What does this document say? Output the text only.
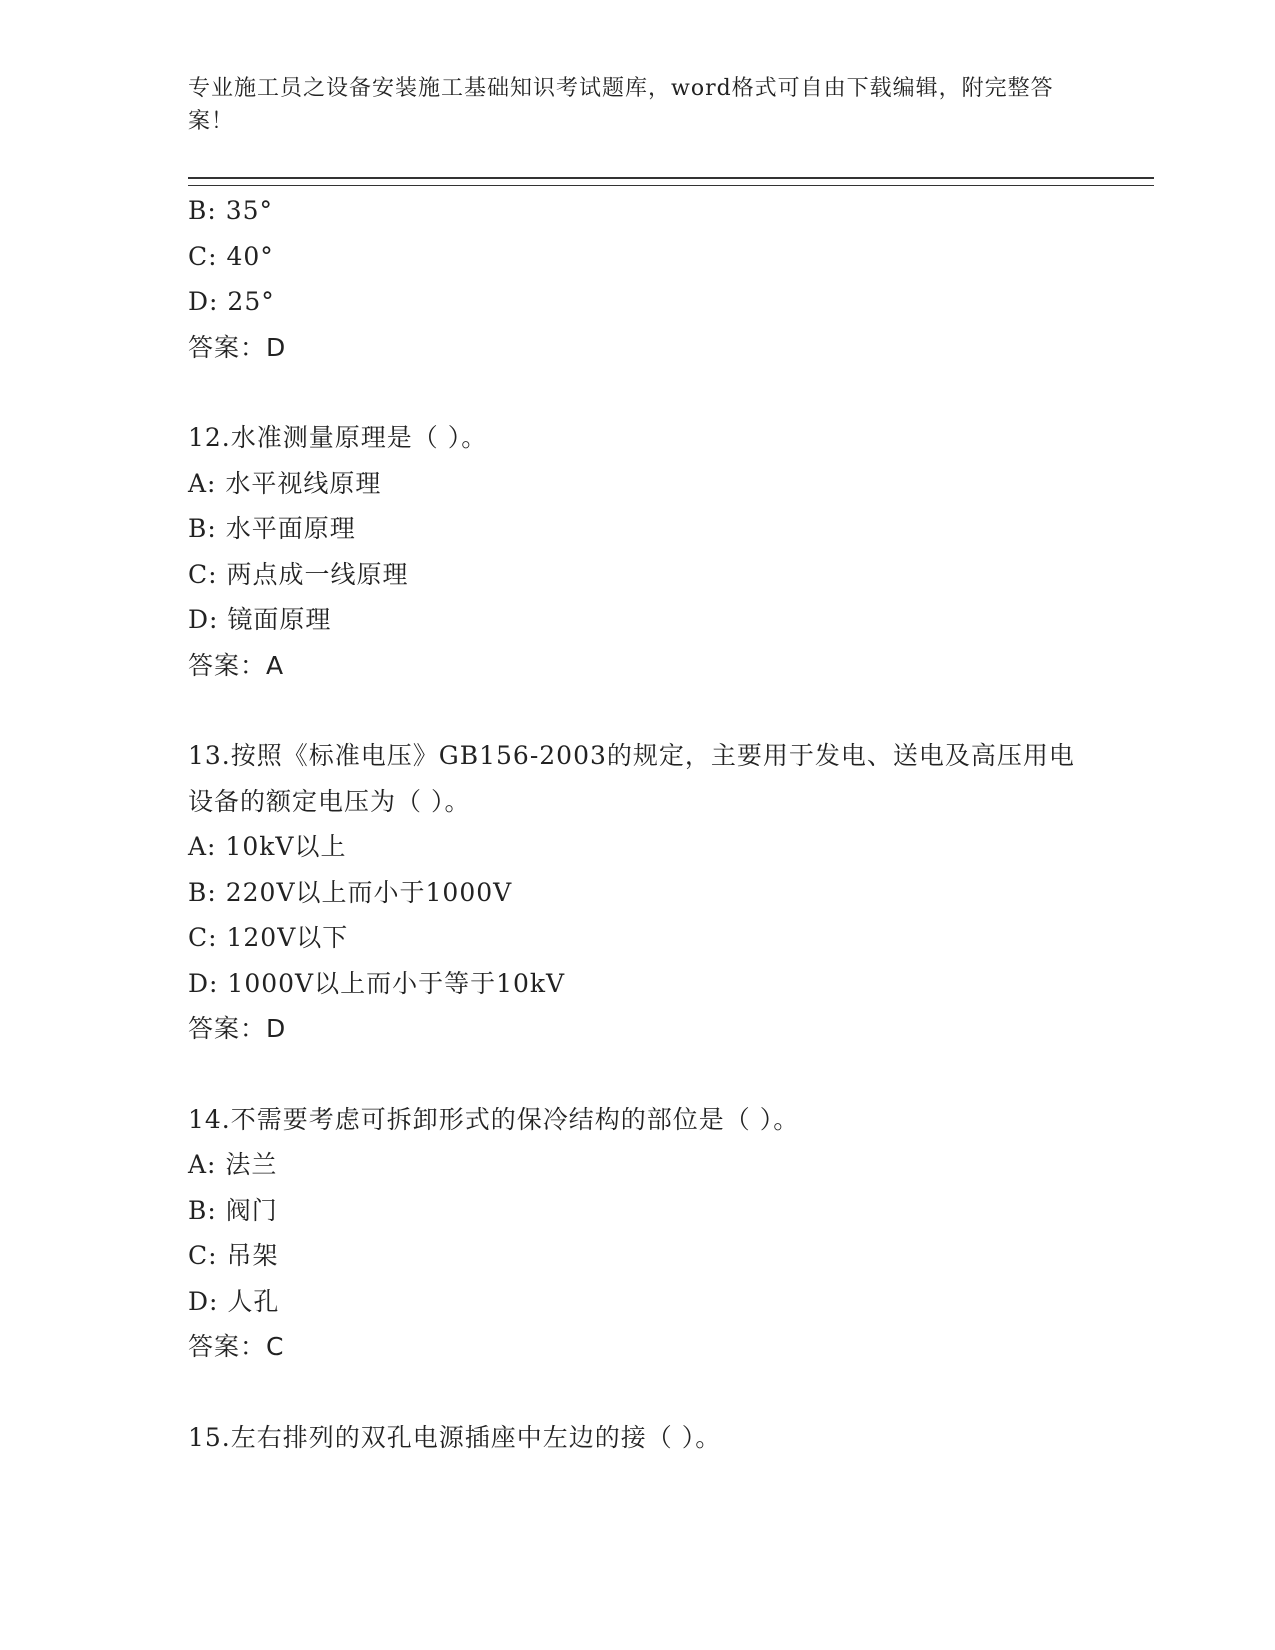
专业施工员之设备安装施工基础知识考试题库，word格式可自由下载编辑，附完整答案！
B: 35°
C: 40°
D: 25°
答案：D
12.水准测量原理是（ ）。
A: 水平视线原理
B: 水平面原理
C: 两点成一线原理
D: 镜面原理
答案：A
13.按照《标准电压》GB156-2003的规定，主要用于发电、送电及高压用电设备的额定电压为（ ）。
A: 10kV以上
B: 220V以上而小于1000V
C: 120V以下
D: 1000V以上而小于等于10kV
答案：D
14.不需要考虑可拆卸形式的保冷结构的部位是（ ）。
A: 法兰
B: 阀门
C: 吊架
D: 人孔
答案：C
15.左右排列的双孔电源插座中左边的接（ ）。
